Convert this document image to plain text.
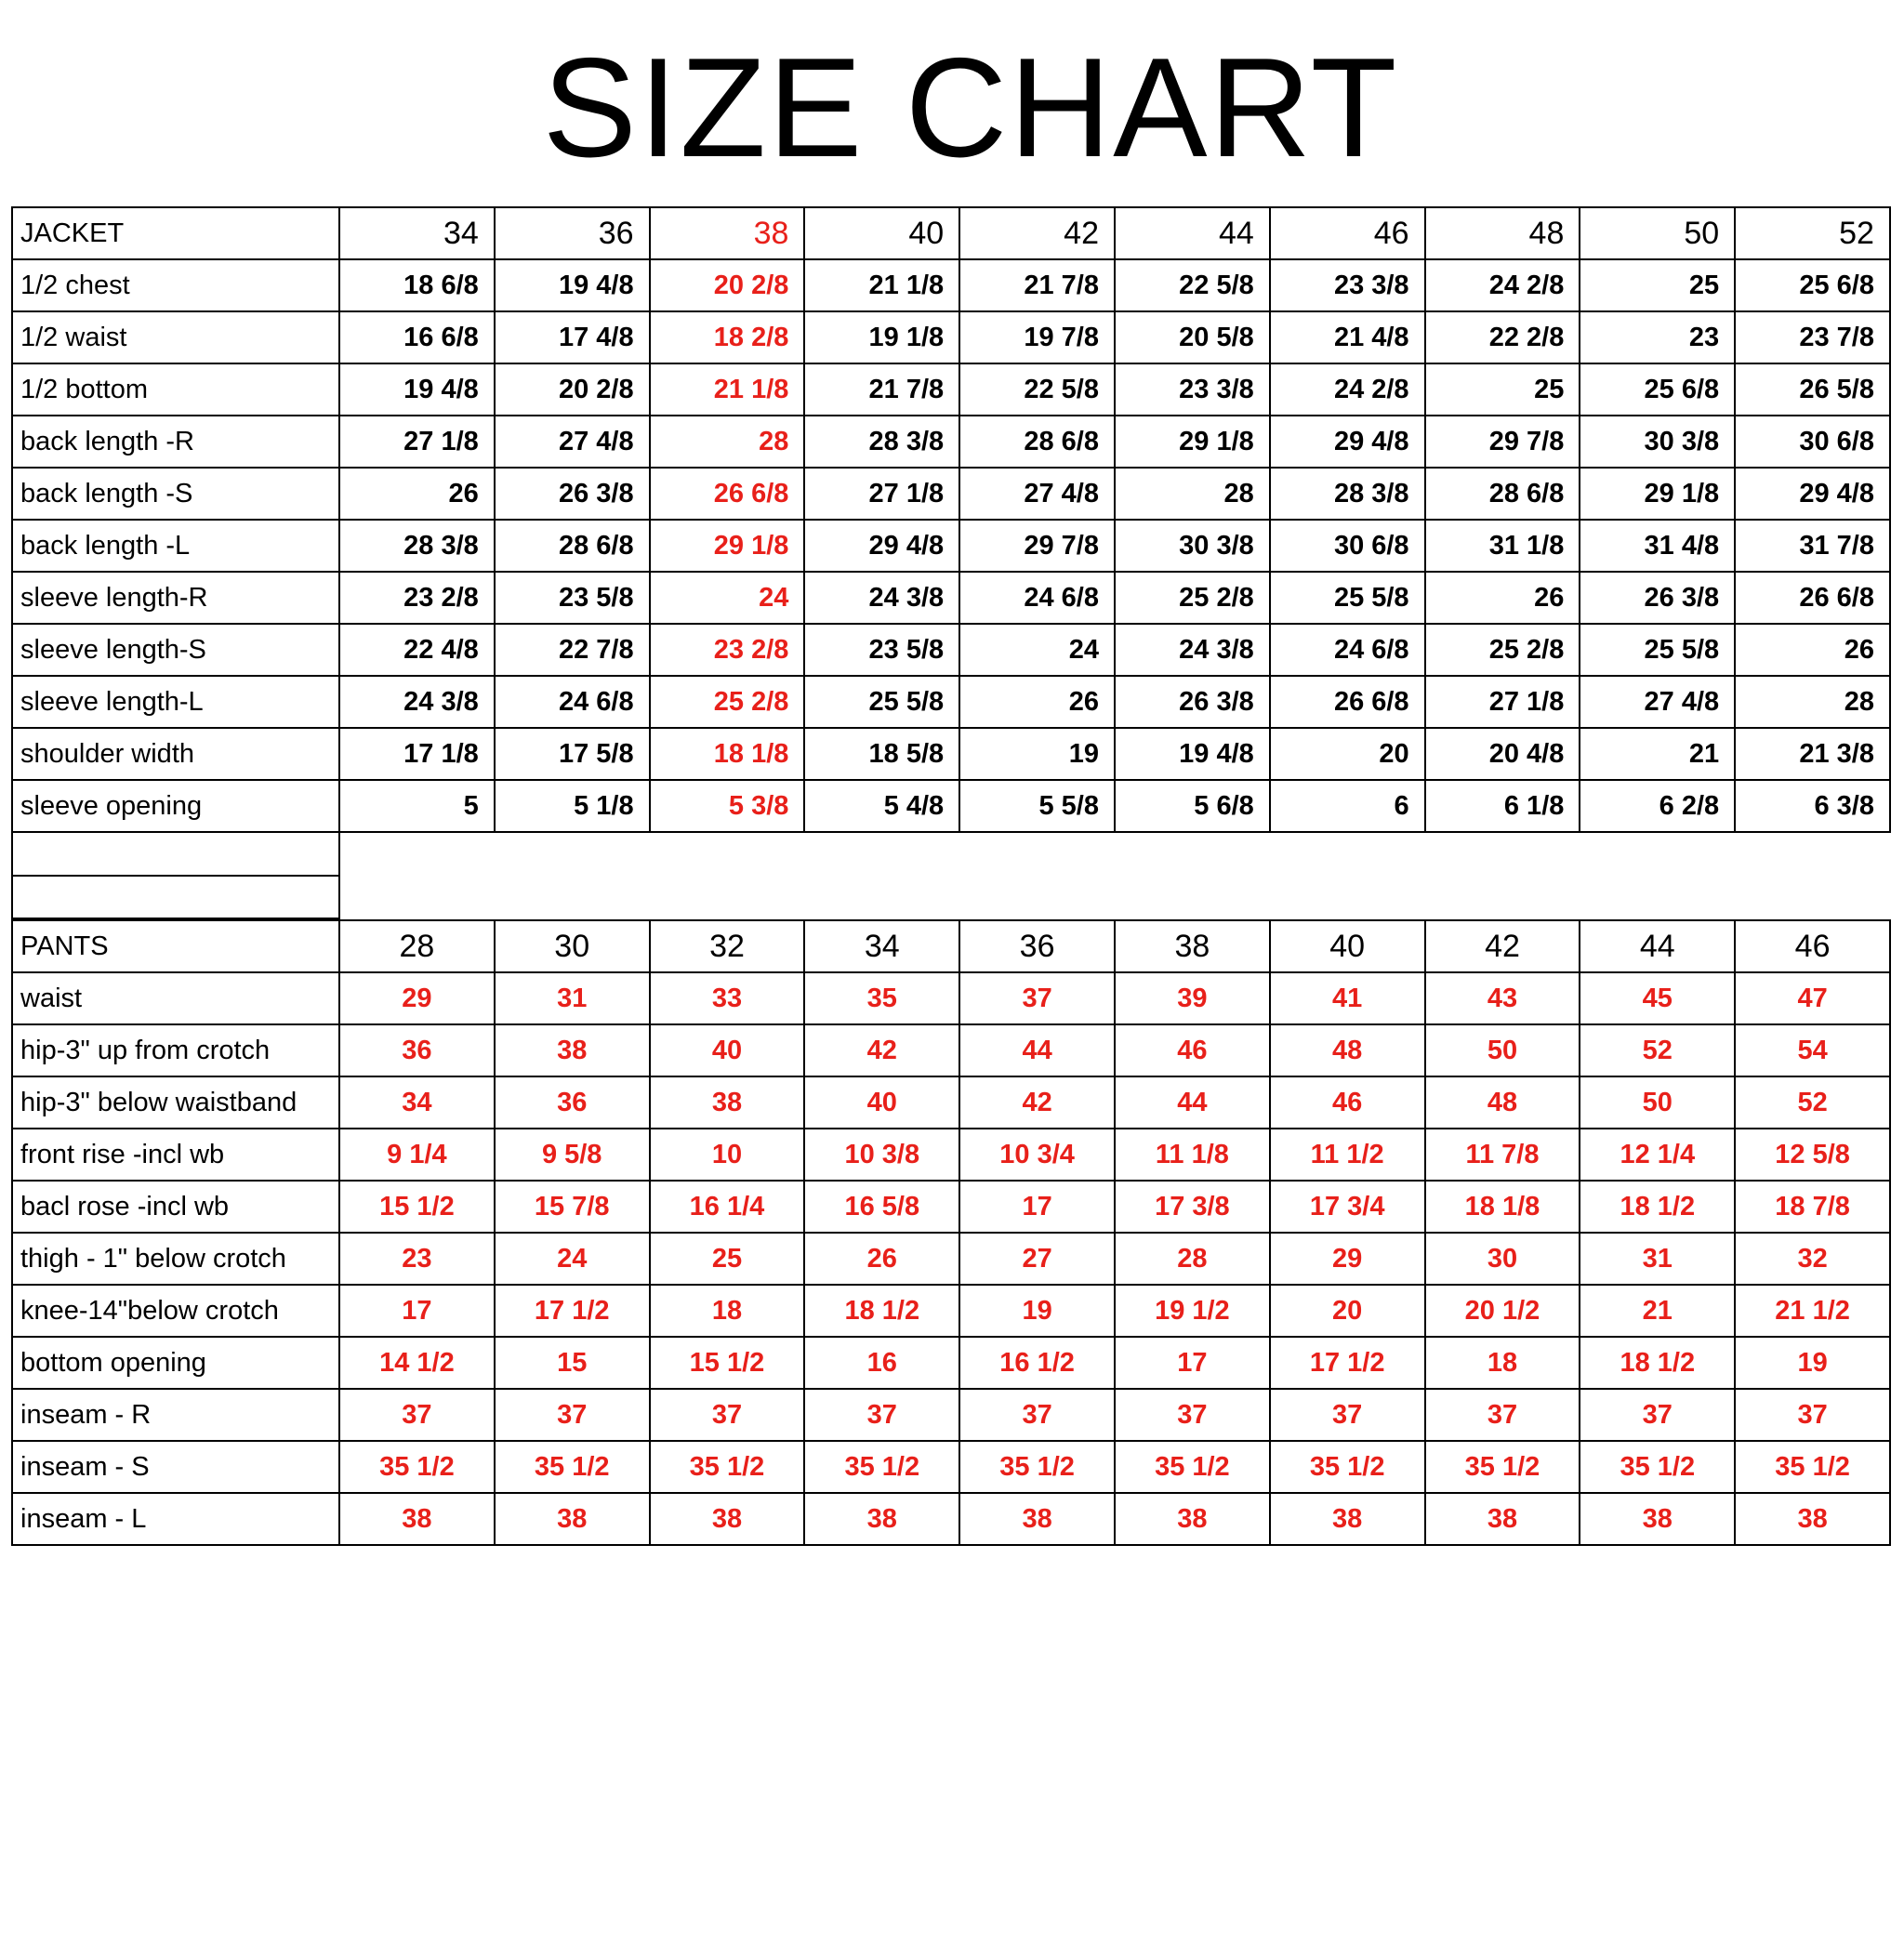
SIZE CHART
JACKET	34	36	38	40	42	44	46	48	50	52
1/2 chest	18 6/8	19 4/8	20 2/8	21 1/8	21 7/8	22 5/8	23 3/8	24 2/8	25	25 6/8
1/2 waist	16 6/8	17 4/8	18 2/8	19 1/8	19 7/8	20 5/8	21 4/8	22 2/8	23	23 7/8
1/2 bottom	19 4/8	20 2/8	21 1/8	21 7/8	22 5/8	23 3/8	24 2/8	25	25 6/8	26 5/8
back length -R	27 1/8	27 4/8	28	28 3/8	28 6/8	29 1/8	29 4/8	29 7/8	30 3/8	30 6/8
back length -S	26	26 3/8	26 6/8	27 1/8	27 4/8	28	28 3/8	28 6/8	29 1/8	29 4/8
back length -L	28 3/8	28 6/8	29 1/8	29 4/8	29 7/8	30 3/8	30 6/8	31 1/8	31 4/8	31 7/8
sleeve length-R	23 2/8	23 5/8	24	24 3/8	24 6/8	25 2/8	25 5/8	26	26 3/8	26 6/8
sleeve length-S	22 4/8	22 7/8	23 2/8	23 5/8	24	24 3/8	24 6/8	25 2/8	25 5/8	26
sleeve length-L	24 3/8	24 6/8	25 2/8	25 5/8	26	26 3/8	26 6/8	27 1/8	27 4/8	28
shoulder width	17 1/8	17 5/8	18 1/8	18 5/8	19	19 4/8	20	20 4/8	21	21 3/8
sleeve opening	5	5 1/8	5 3/8	5 4/8	5 5/8	5 6/8	6	6 1/8	6 2/8	6 3/8

PANTS	28	30	32	34	36	38	40	42	44	46
waist	29	31	33	35	37	39	41	43	45	47
hip-3" up from crotch	36	38	40	42	44	46	48	50	52	54
hip-3" below waistband	34	36	38	40	42	44	46	48	50	52
front rise -incl wb	9 1/4	9 5/8	10	10 3/8	10 3/4	11 1/8	11 1/2	11 7/8	12 1/4	12 5/8
bacl rose -incl wb	15 1/2	15 7/8	16 1/4	16 5/8	17	17 3/8	17 3/4	18 1/8	18 1/2	18 7/8
thigh - 1" below crotch	23	24	25	26	27	28	29	30	31	32
knee-14"below crotch	17	17 1/2	18	18 1/2	19	19 1/2	20	20 1/2	21	21 1/2
bottom opening	14 1/2	15	15 1/2	16	16 1/2	17	17 1/2	18	18 1/2	19
inseam - R	37	37	37	37	37	37	37	37	37	37
inseam - S	35 1/2	35 1/2	35 1/2	35 1/2	35 1/2	35 1/2	35 1/2	35 1/2	35 1/2	35 1/2
inseam - L	38	38	38	38	38	38	38	38	38	38
